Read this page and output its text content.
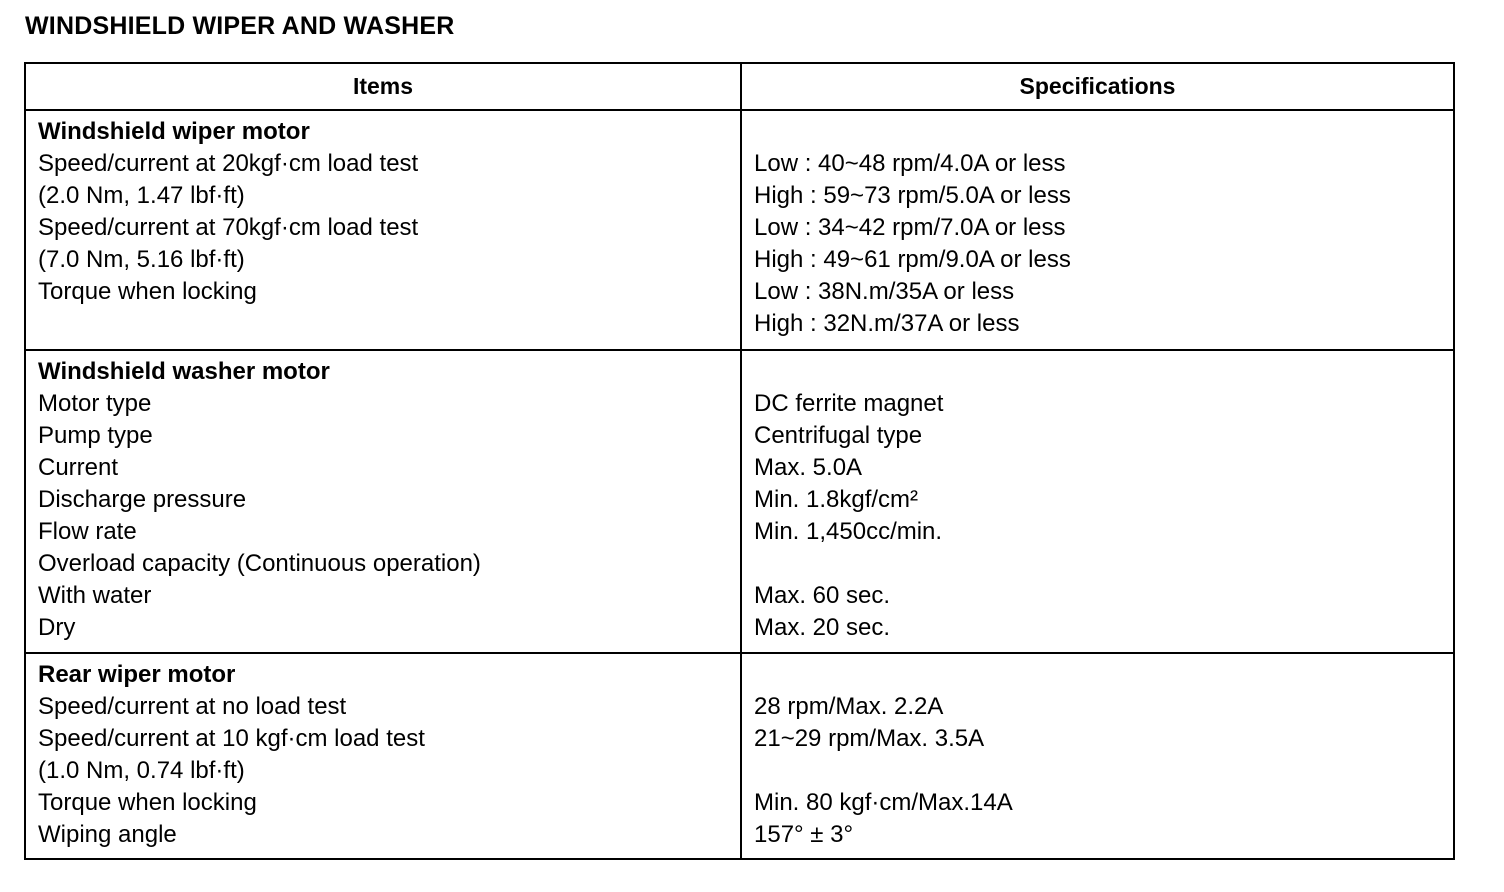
WINDSHIELD WIPER AND WASHER
Items	Specifications
Windshield wiper motor
Speed/current at 20kgf·cm load test
(2.0 Nm, 1.47 lbf·ft)
Speed/current at 70kgf·cm load test
(7.0 Nm, 5.16 lbf·ft)
Torque when locking
Low : 40~48 rpm/4.0A or less
High : 59~73 rpm/5.0A or less
Low : 34~42 rpm/7.0A or less
High : 49~61 rpm/9.0A or less
Low : 38N.m/35A or less
High : 32N.m/37A or less
Windshield washer motor
Motor type
Pump type
Current
Discharge pressure
Flow rate
Overload capacity (Continuous operation)
With water
Dry
DC ferrite magnet
Centrifugal type
Max. 5.0A
Min. 1.8kgf/cm²
Min. 1,450cc/min.
Max. 60 sec.
Max. 20 sec.
Rear wiper motor
Speed/current at no load test
Speed/current at 10 kgf·cm load test
(1.0 Nm, 0.74 lbf·ft)
Torque when locking
Wiping angle
28 rpm/Max. 2.2A
21~29 rpm/Max. 3.5A
Min. 80 kgf·cm/Max.14A
157° ± 3°
